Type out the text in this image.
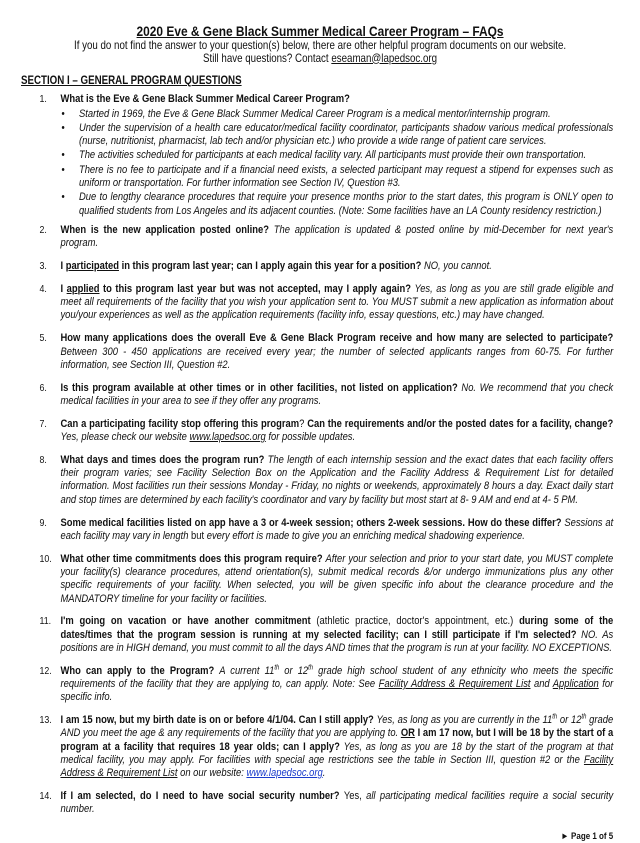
2020 Eve & Gene Black Summer Medical Career Program – FAQs
If you do not find the answer to your question(s) below, there are other helpful program documents on our website.
Still have questions? Contact eseaman@lapedsoc.org
SECTION I – GENERAL PROGRAM QUESTIONS
1. What is the Eve & Gene Black Summer Medical Career Program?
• Started in 1969, the Eve & Gene Black Summer Medical Career Program is a medical mentor/internship program.
• Under the supervision of a health care educator/medical facility coordinator, participants shadow various medical professionals (nurse, nutritionist, pharmacist, lab tech and/or physician etc.) who provide a wide range of patient care services.
• The activities scheduled for participants at each medical facility vary. All participants must provide their own transportation.
• There is no fee to participate and if a financial need exists, a selected participant may request a stipend for expenses such as uniform or transportation. For further information see Section IV, Question #3.
• Due to lengthy clearance procedures that require your presence months prior to the start dates, this program is ONLY open to qualified students from Los Angeles and its adjacent counties. (Note: Some facilities have an LA County residency restriction.)
2. When is the new application posted online? The application is updated & posted online by mid-December for next year's program.
3. I participated in this program last year; can I apply again this year for a position? NO, you cannot.
4. I applied to this program last year but was not accepted, may I apply again? Yes, as long as you are still grade eligible and meet all requirements of the facility that you wish your application sent to. You MUST submit a new application as information about you/your experiences as well as the application requirements (facility info, essay questions, etc.) may have changed.
5. How many applications does the overall Eve & Gene Black Program receive and how many are selected to participate? Between 300 - 450 applications are received every year; the number of selected applicants ranges from 60-75. For further information, see Section III, Question #2.
6. Is this program available at other times or in other facilities, not listed on application? No. We recommend that you check medical facilities in your area to see if they offer any programs.
7. Can a participating facility stop offering this program? Can the requirements and/or the posted dates for a facility, change? Yes, please check our website www.lapedsoc.org for possible updates.
8. What days and times does the program run? The length of each internship session and the exact dates that each facility offers their program varies; see Facility Selection Box on the Application and the Facility Address & Requirement List for detailed information. Most facilities run their sessions Monday - Friday, no nights or weekends, approximately 8 hours a day. Exact daily start and stop times are determined by each facility's coordinator and vary by facility but most start at 8- 9 AM and end at 4- 5 PM.
9. Some medical facilities listed on app have a 3 or 4-week session; others 2-week sessions. How do these differ? Sessions at each facility may vary in length but every effort is made to give you an enriching medical shadowing experience.
10. What other time commitments does this program require? After your selection and prior to your start date, you MUST complete your facility(s) clearance procedures, attend orientation(s), submit medical records &/or undergo immunizations plus any other specific requirements of your facility. When selected, you will be given specific info about the clearance procedure and the MANDATORY timeline for your facility or facilities.
11. I'm going on vacation or have another commitment (athletic practice, doctor's appointment, etc.) during some of the dates/times that the program session is running at my selected facility; can I still participate if I'm selected? NO. As positions are in HIGH demand, you must commit to all the days AND times that the program is run at your facility. NO EXCEPTIONS.
12. Who can apply to the Program? A current 11th or 12th grade high school student of any ethnicity who meets the specific requirements of the facility that they are applying to, can apply. Note: See Facility Address & Requirement List and Application for specific info.
13. I am 15 now, but my birth date is on or before 4/1/04. Can I still apply? Yes, as long as you are currently in the 11th or 12th grade AND you meet the age & any requirements of the facility that you are applying to. OR I am 17 now, but I will be 18 by the start of a program at a facility that requires 18 year olds; can I apply? Yes, as long as you are 18 by the start of the program at that medical facility, you may apply. For facilities with special age restrictions see the table in Section III, question #2 or the Facility Address & Requirement List on our website: www.lapedsoc.org.
14. If I am selected, do I need to have social security number? Yes, all participating medical facilities require a social security number.
► Page 1 of 5
